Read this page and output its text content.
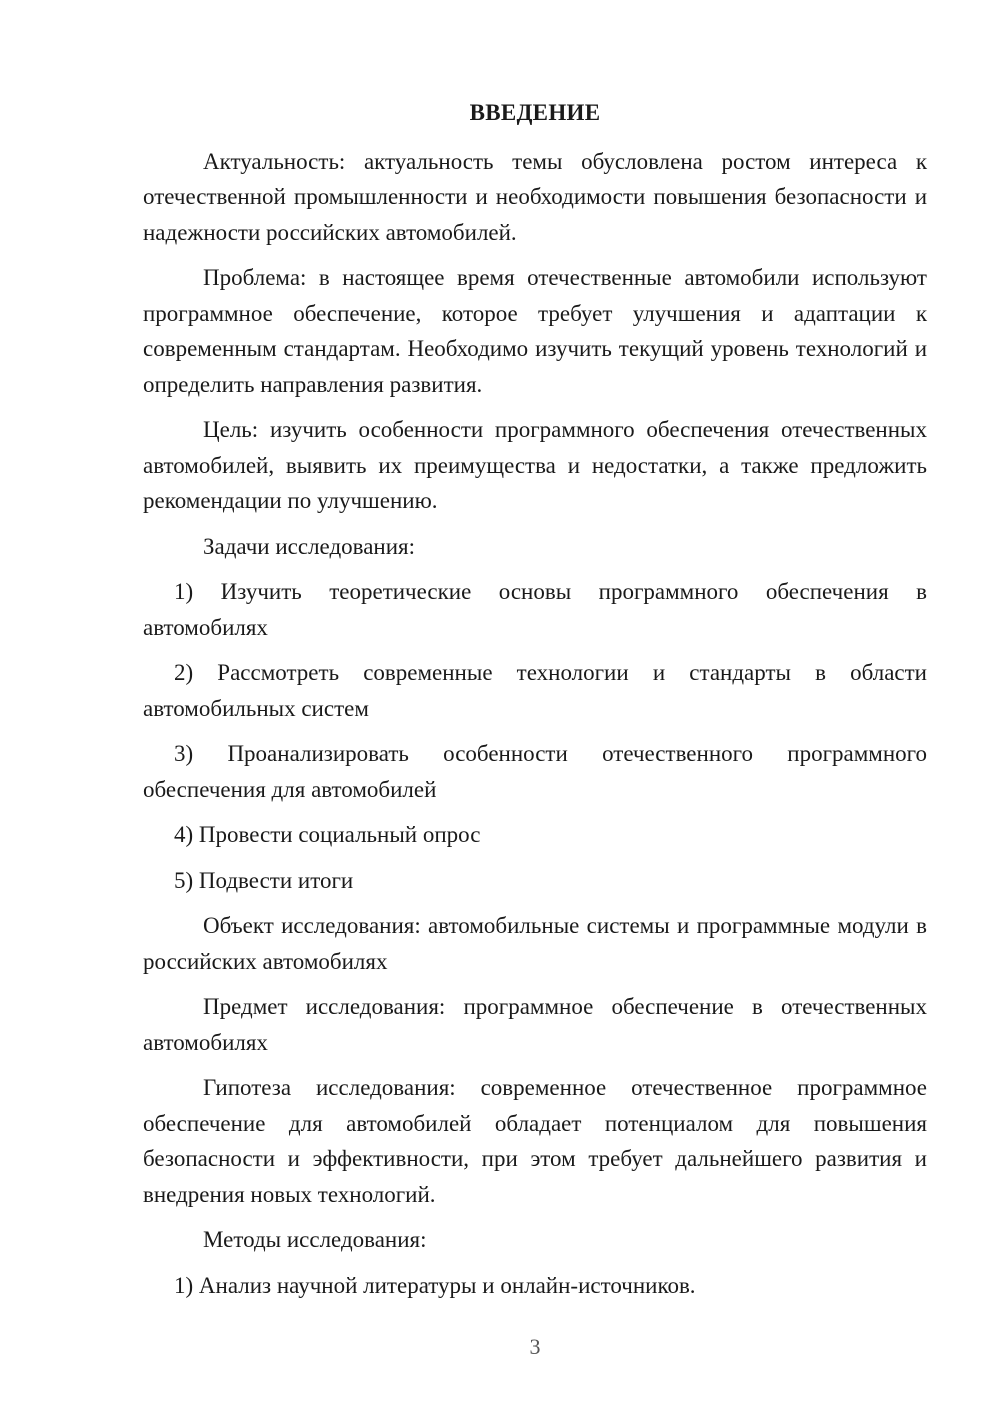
ВВЕДЕНИЕ

Актуальность: актуальность темы обусловлена ростом интереса к отечественной промышленности и необходимости повышения безопасности и надежности российских автомобилей.

Проблема: в настоящее время отечественные автомобили используют программное обеспечение, которое требует улучшения и адаптации к современным стандартам. Необходимо изучить текущий уровень технологий и определить направления развития.

Цель: изучить особенности программного обеспечения отечественных автомобилей, выявить их преимущества и недостатки, а также предложить рекомендации по улучшению.

Задачи исследования:

1) Изучить теоретические основы программного обеспечения в автомобилях

2) Рассмотреть современные технологии и стандарты в области автомобильных систем

3) Проанализировать особенности отечественного программного обеспечения для автомобилей

4) Провести социальный опрос

5) Подвести итоги

Объект исследования: автомобильные системы и программные модули в российских автомобилях

Предмет исследования: программное обеспечение в отечественных автомобилях

Гипотеза исследования: современное отечественное программное обеспечение для автомобилей обладает потенциалом для повышения безопасности и эффективности, при этом требует дальнейшего развития и внедрения новых технологий.

Методы исследования:

1) Анализ научной литературы и онлайн-источников.

3
